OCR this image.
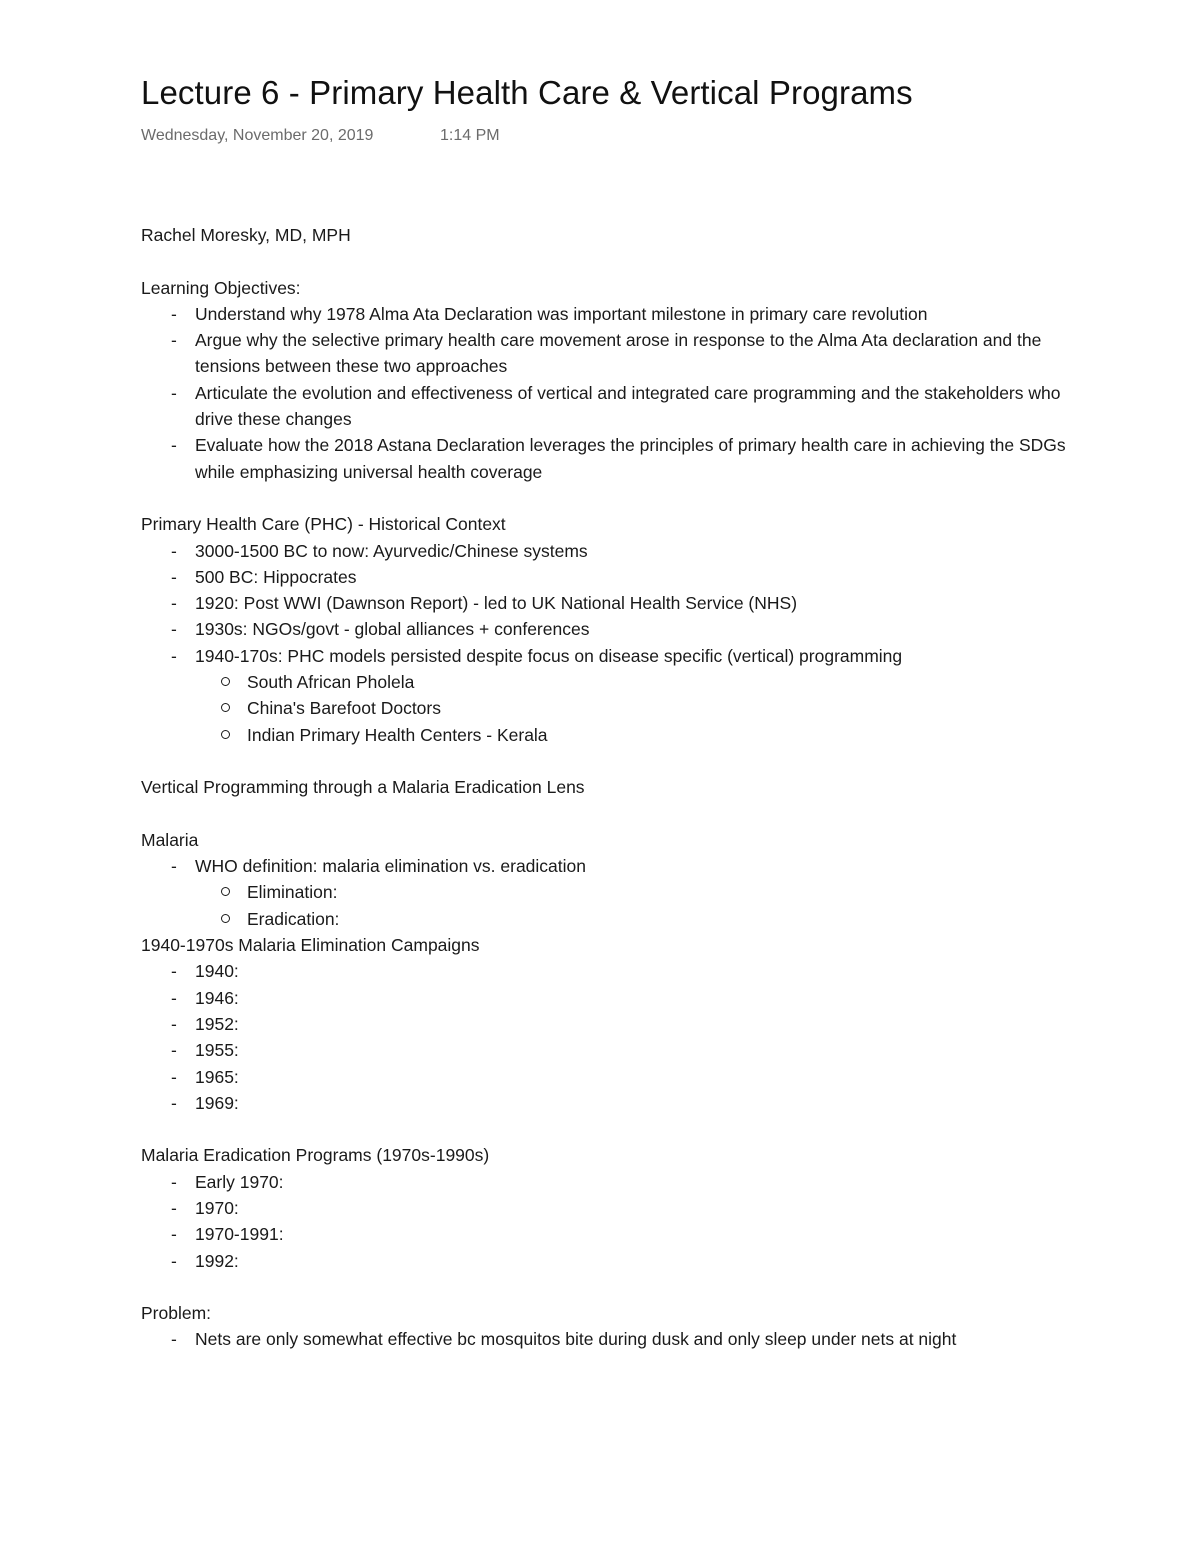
Lecture 6 - Primary Health Care & Vertical Programs
Wednesday, November 20, 2019	1:14 PM
Rachel Moresky, MD, MPH
Learning Objectives:
- Understand why 1978 Alma Ata Declaration was important milestone in primary care revolution
- Argue why the selective primary health care movement arose in response to the Alma Ata declaration and the tensions between these two approaches
- Articulate the evolution and effectiveness of vertical and integrated care programming and the stakeholders who drive these changes
- Evaluate how the 2018 Astana Declaration leverages the principles of primary health care in achieving the SDGs while emphasizing universal health coverage
Primary Health Care (PHC) - Historical Context
- 3000-1500 BC to now: Ayurvedic/Chinese systems
- 500 BC: Hippocrates
- 1920: Post WWI (Dawnson Report) - led to UK National Health Service (NHS)
- 1930s: NGOs/govt - global alliances + conferences
- 1940-170s: PHC models persisted despite focus on disease specific (vertical) programming
South African Pholela
China's Barefoot Doctors
Indian Primary Health Centers - Kerala
Vertical Programming through a Malaria Eradication Lens
Malaria
- WHO definition: malaria elimination vs. eradication
Elimination:
Eradication:
1940-1970s Malaria Elimination Campaigns
- 1940:
- 1946:
- 1952:
- 1955:
- 1965:
- 1969:
Malaria Eradication Programs (1970s-1990s)
- Early 1970:
- 1970:
- 1970-1991:
- 1992:
Problem:
- Nets are only somewhat effective bc mosquitos bite during dusk and only sleep under nets at night
